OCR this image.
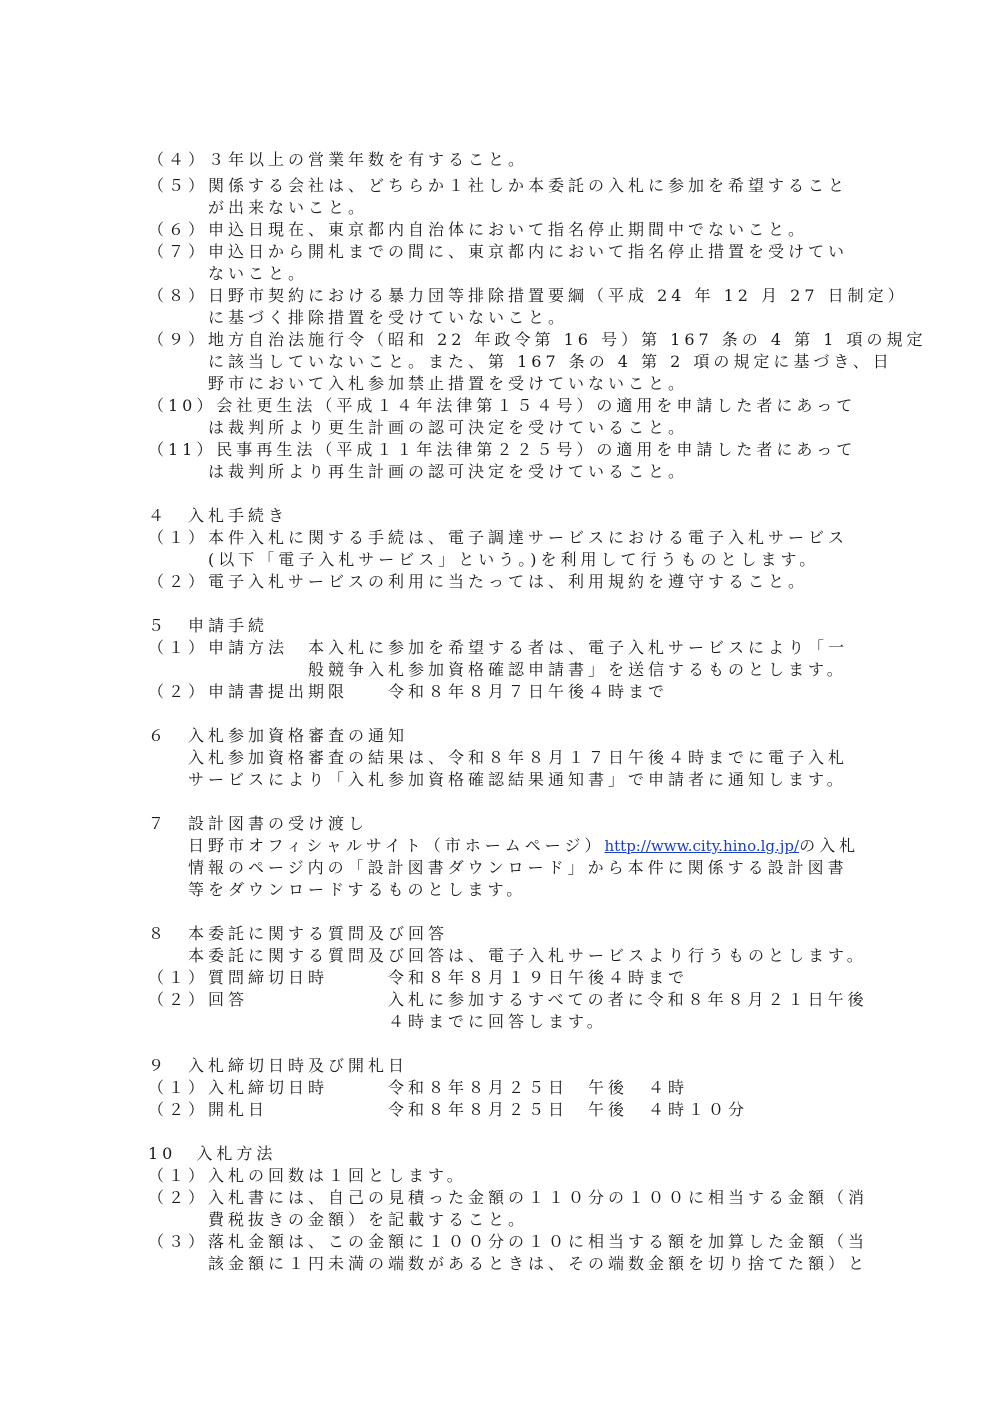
（４）３年以上の営業年数を有すること。
（５）関係する会社は、どちらか１社しか本委託の入札に参加を希望すること
　　　が出来ないこと。
（６）申込日現在、東京都内自治体において指名停止期間中でないこと。
（７）申込日から開札までの間に、東京都内において指名停止措置を受けてい
　　　ないこと。
（８）日野市契約における暴力団等排除措置要綱（平成 24 年 12 月 27 日制定）
　　　に基づく排除措置を受けていないこと。
（９）地方自治法施行令（昭和 22 年政令第 16 号）第 167 条の 4 第 1 項の規定
　　　に該当していないこと。また、第 167 条の 4 第 2 項の規定に基づき、日
　　　野市において入札参加禁止措置を受けていないこと。
（10）会社更生法（平成１４年法律第１５４号）の適用を申請した者にあって
　　　は裁判所より更生計画の認可決定を受けていること。
（11）民事再生法（平成１１年法律第２２５号）の適用を申請した者にあって
　　　は裁判所より再生計画の認可決定を受けていること。
４　入札手続き
（１）本件入札に関する手続は、電子調達サービスにおける電子入札サービス
　　　(以下「電子入札サービス」という。)を利用して行うものとします。
（２）電子入札サービスの利用に当たっては、利用規約を遵守すること。
５　申請手続
（１）申請方法　本入札に参加を希望する者は、電子入札サービスにより「一
　　　　　　　　般競争入札参加資格確認申請書」を送信するものとします。
（２）申請書提出期限　　令和８年８月７日午後４時まで
６　入札参加資格審査の通知
　　入札参加資格審査の結果は、令和８年８月１７日午後４時までに電子入札
　　サービスにより「入札参加資格確認結果通知書」で申請者に通知します。
７　設計図書の受け渡し
　　日野市オフィシャルサイト（市ホームページ）http://www.city.hino.lg.jp/の入札
　　情報のページ内の「設計図書ダウンロード」から本件に関係する設計図書
　　等をダウンロードするものとします。
８　本委託に関する質問及び回答
　　本委託に関する質問及び回答は、電子入札サービスより行うものとします。
（１）質問締切日時　　　令和８年８月１９日午後４時まで
（２）回答　　　　　　　入札に参加するすべての者に令和８年８月２１日午後
　　　　　　　　　　　　４時までに回答します。
９　入札締切日時及び開札日
（１）入札締切日時　　　令和８年８月２５日　午後　４時
（２）開札日　　　　　　令和８年８月２５日　午後　４時１０分
10　入札方法
（１）入札の回数は１回とします。
（２）入札書には、自己の見積った金額の１１０分の１００に相当する金額（消
　　　費税抜きの金額）を記載すること。
（３）落札金額は、この金額に１００分の１０に相当する額を加算した金額（当
　　　該金額に１円未満の端数があるときは、その端数金額を切り捨てた額）と
